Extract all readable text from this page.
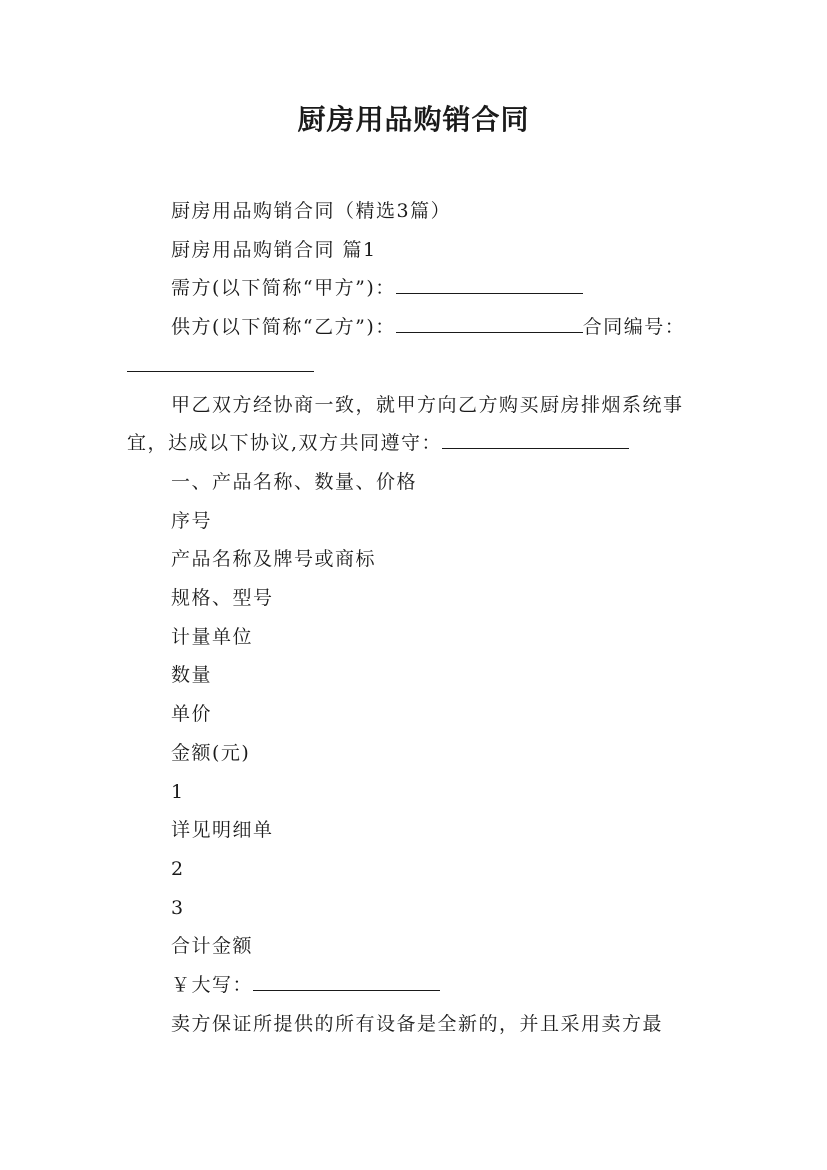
厨房用品购销合同

厨房用品购销合同（精选3篇）

厨房用品购销合同 篇1

需方(以下简称“甲方”)：

供方(以下简称“乙方”)：	合同编号：

甲乙双方经协商一致，就甲方向乙方购买厨房排烟系统事宜，达成以下协议,双方共同遵守：

一、产品名称、数量、价格

序号

产品名称及牌号或商标

规格、型号

计量单位

数量

单价

金额(元)

1

详见明细单

2

3

合计金额

￥大写：

卖方保证所提供的所有设备是全新的，并且采用卖方最
